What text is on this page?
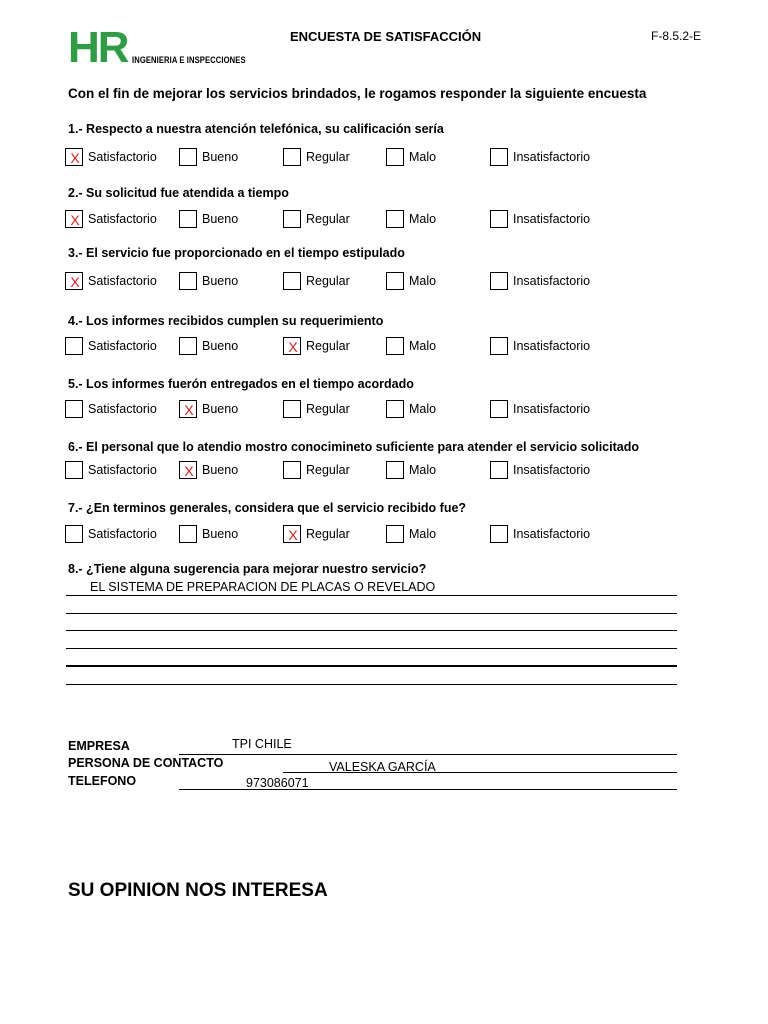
HR INGENIERIA E INSPECCIONES
ENCUESTA DE SATISFACCIÓN	F-8.5.2-E
Con el fin de mejorar los servicios brindados, le rogamos responder la siguiente encuesta
1.- Respecto a nuestra atención telefónica, su calificación sería
X Satisfactorio	Bueno	Regular	Malo	Insatisfactorio
2.- Su solicitud fue atendida a tiempo
X Satisfactorio	Bueno	Regular	Malo	Insatisfactorio
3.- El servicio fue proporcionado en el tiempo estipulado
X Satisfactorio	Bueno	Regular	Malo	Insatisfactorio
4.- Los informes recibidos cumplen su requerimiento
Satisfactorio	Bueno	X Regular	Malo	Insatisfactorio
5.- Los informes fuerón entregados en el tiempo acordado
Satisfactorio X Bueno	Regular	Malo	Insatisfactorio
6.- El personal que lo atendio mostro conocimineto suficiente para atender el servicio solicitado
Satisfactorio X Bueno	Regular	Malo	Insatisfactorio
7.- ¿En terminos generales, considera que el servicio recibido fue?
Satisfactorio	Bueno	X Regular	Malo	Insatisfactorio
8.- ¿Tiene alguna sugerencia para mejorar nuestro servicio?
EL SISTEMA DE PREPARACION DE PLACAS O REVELADO
EMPRESA	TPI CHILE
PERSONA DE CONTACTO	VALESKA GARCÍA
TELEFONO	973086071
SU OPINION NOS INTERESA
